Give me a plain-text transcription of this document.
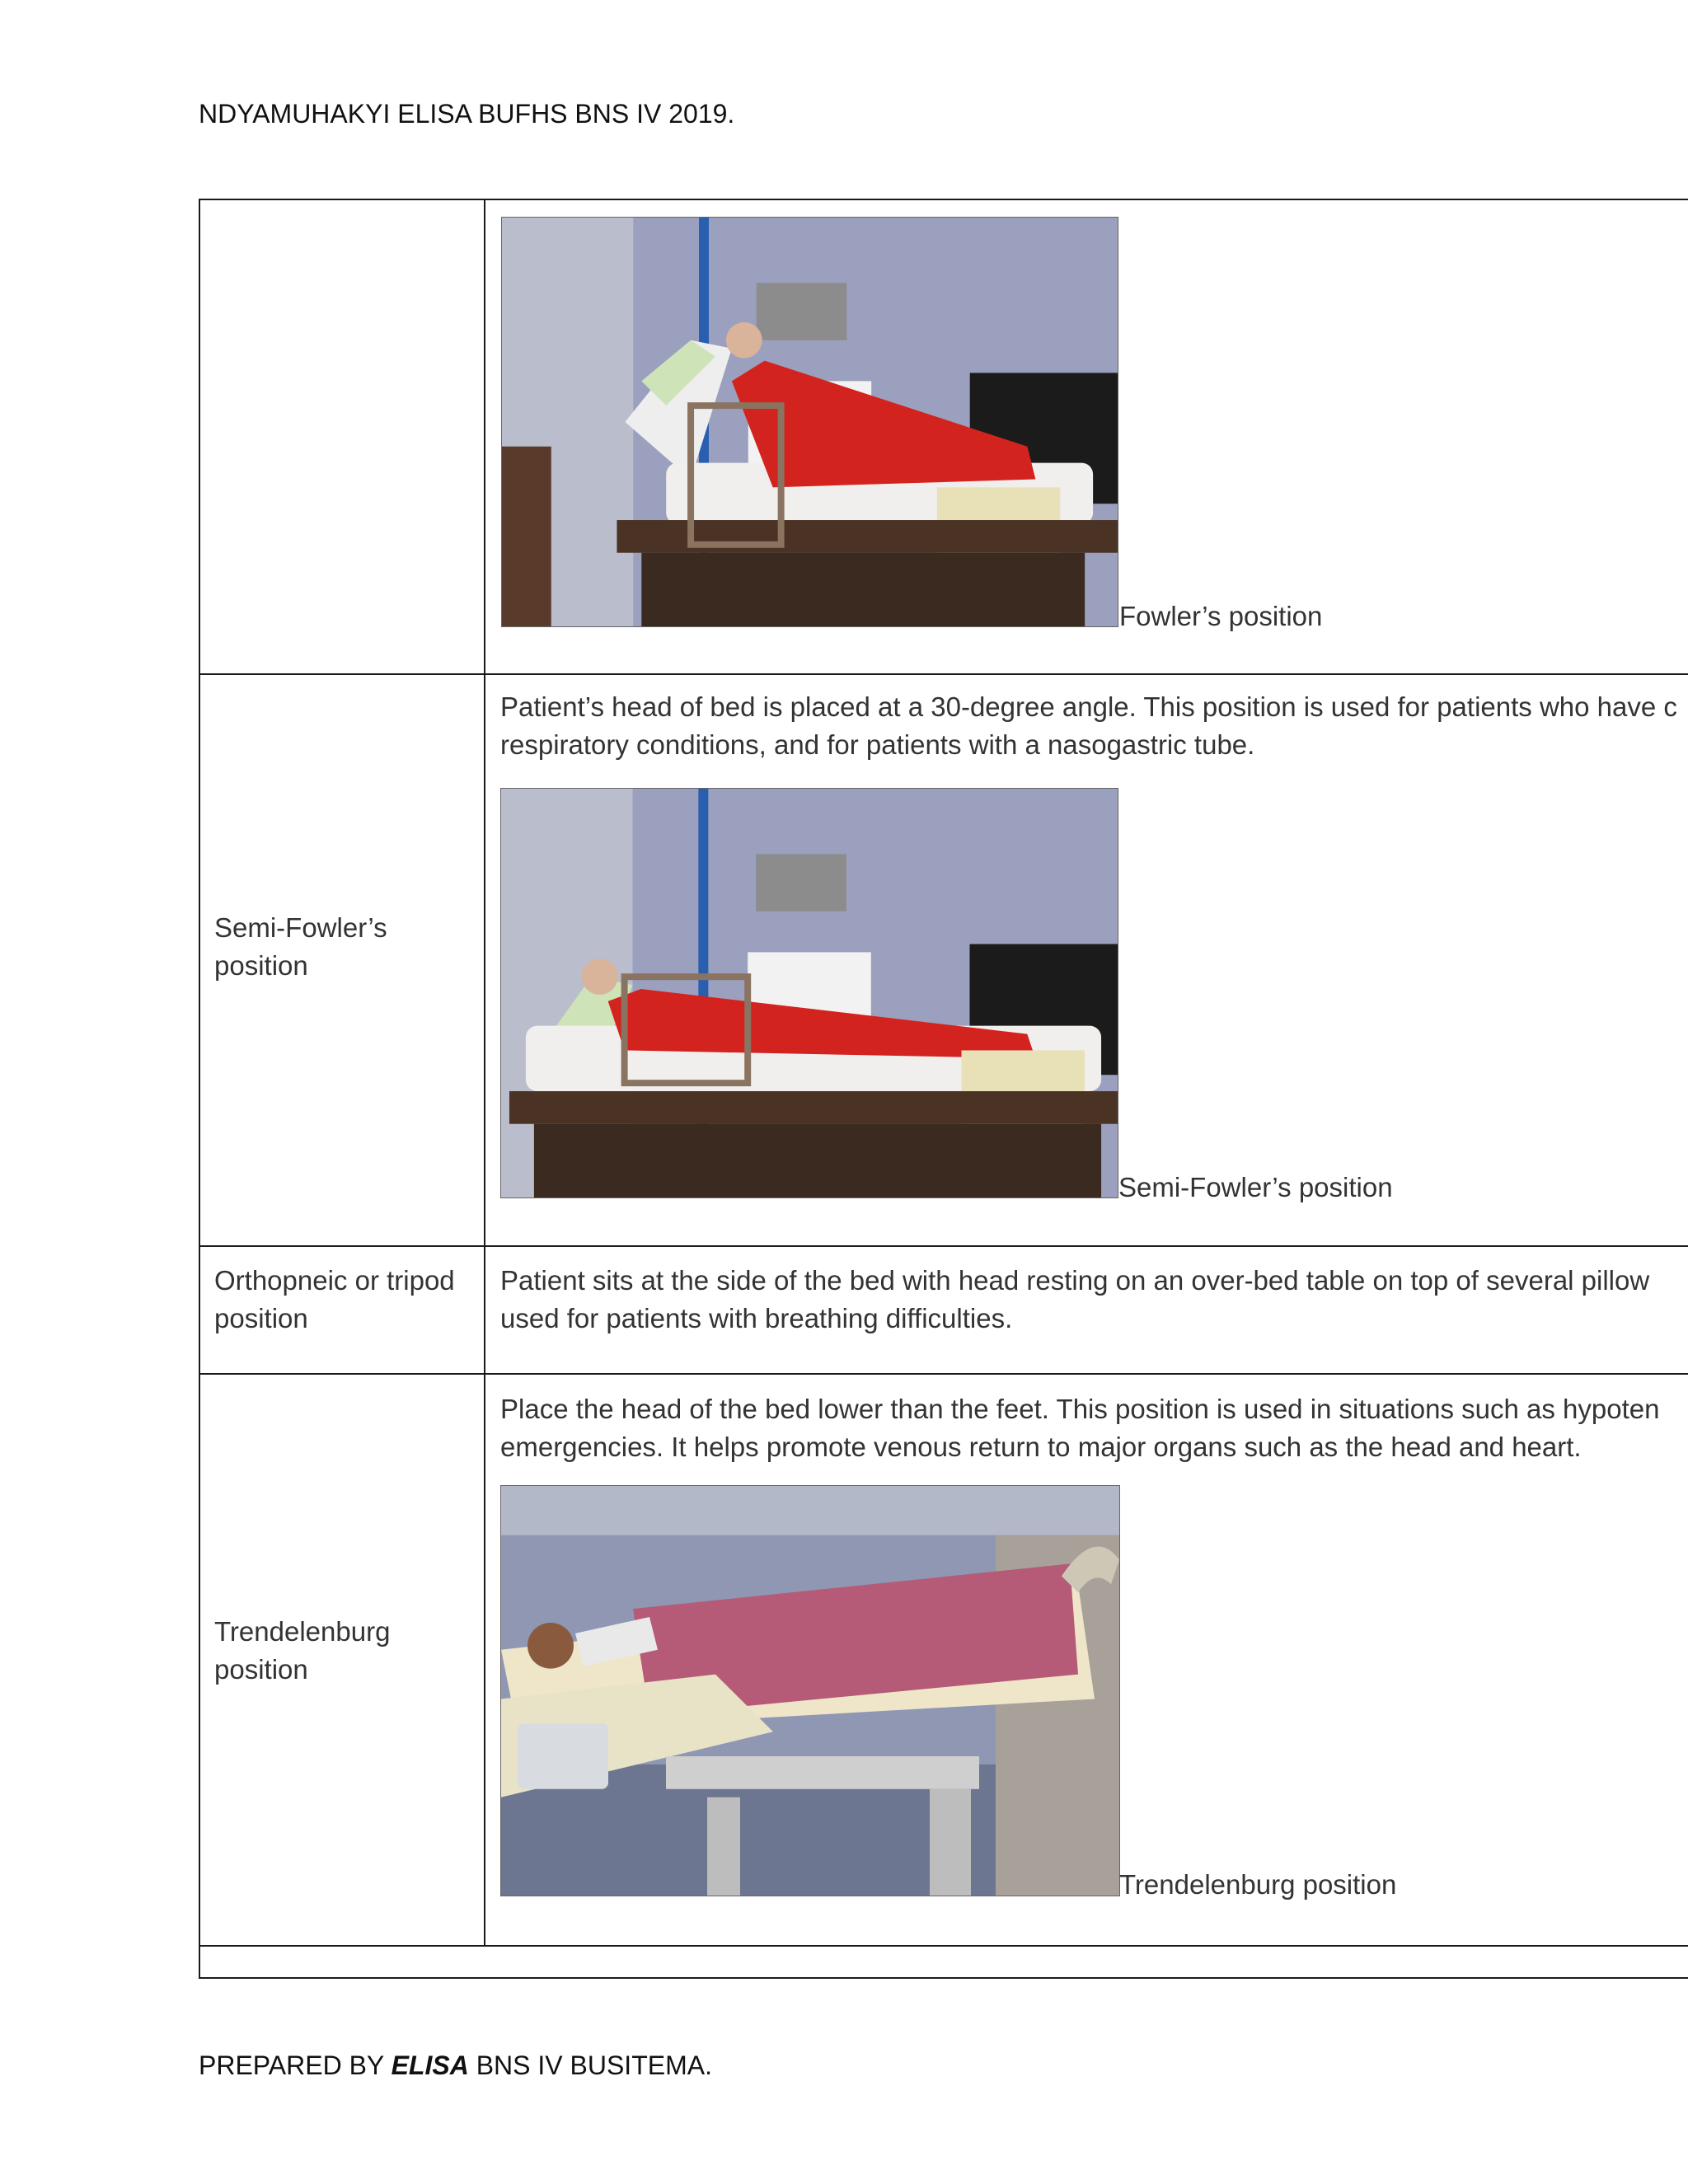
NDYAMUHAKYI ELISA BUFHS BNS IV 2019.
Fowler’s position
Semi-Fowler’s
position
Patient’s head of bed is placed at a 30-degree angle. This position is used for patients who have c
respiratory conditions, and for patients with a nasogastric tube.
Semi-Fowler’s position
Orthopneic or tripod
position
Patient sits at the side of the bed with head resting on an over-bed table on top of several pillow
used for patients with breathing difficulties.
Trendelenburg
position
Place the head of the bed lower than the feet. This position is used in situations such as hypoten
emergencies. It helps promote venous return to major organs such as the head and heart.
Trendelenburg position
PREPARED BY ELISA BNS IV BUSITEMA.
